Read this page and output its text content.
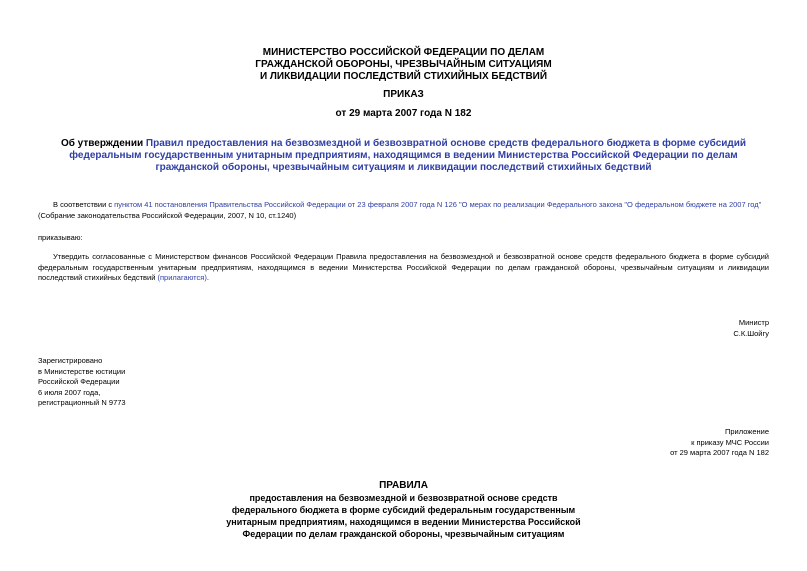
МИНИСТЕРСТВО РОССИЙСКОЙ ФЕДЕРАЦИИ ПО ДЕЛАМ
ГРАЖДАНСКОЙ ОБОРОНЫ, ЧРЕЗВЫЧАЙНЫМ СИТУАЦИЯМ
И ЛИКВИДАЦИИ ПОСЛЕДСТВИЙ СТИХИЙНЫХ БЕДСТВИЙ
ПРИКАЗ
от 29 марта 2007 года N 182
Об утверждении Правил предоставления на безвозмездной и безвозвратной основе средств федерального бюджета в форме субсидий федеральным государственным унитарным предприятиям, находящимся в ведении Министерства Российской Федерации по делам гражданской обороны, чрезвычайным ситуациям и ликвидации последствий стихийных бедствий
В соответствии с пунктом 41 постановления Правительства Российской Федерации от 23 февраля 2007 года N 126 "О мерах по реализации Федерального закона "О федеральном бюджете на 2007 год"
(Собрание законодательства Российской Федерации, 2007, N 10, ст.1240)
приказываю:
Утвердить согласованные с Министерством финансов Российской Федерации Правила предоставления на безвозмездной и безвозвратной основе средств федерального бюджета в форме субсидий федеральным государственным унитарным предприятиям, находящимся в ведении Министерства Российской Федерации по делам гражданской обороны, чрезвычайным ситуациям и ликвидации последствий стихийных бедствий (прилагаются).
Министр
С.К.Шойгу
Зарегистрировано
в Министерстве юстиции
Российской Федерации
6 июля 2007 года,
регистрационный N 9773
Приложение
к приказу МЧС России
от 29 марта 2007 года N 182
ПРАВИЛА
предоставления на безвозмездной и безвозвратной основе средств
федерального бюджета в форме субсидий федеральным государственным
унитарным предприятиям, находящимся в ведении Министерства Российской
Федерации по делам гражданской обороны, чрезвычайным ситуациям
